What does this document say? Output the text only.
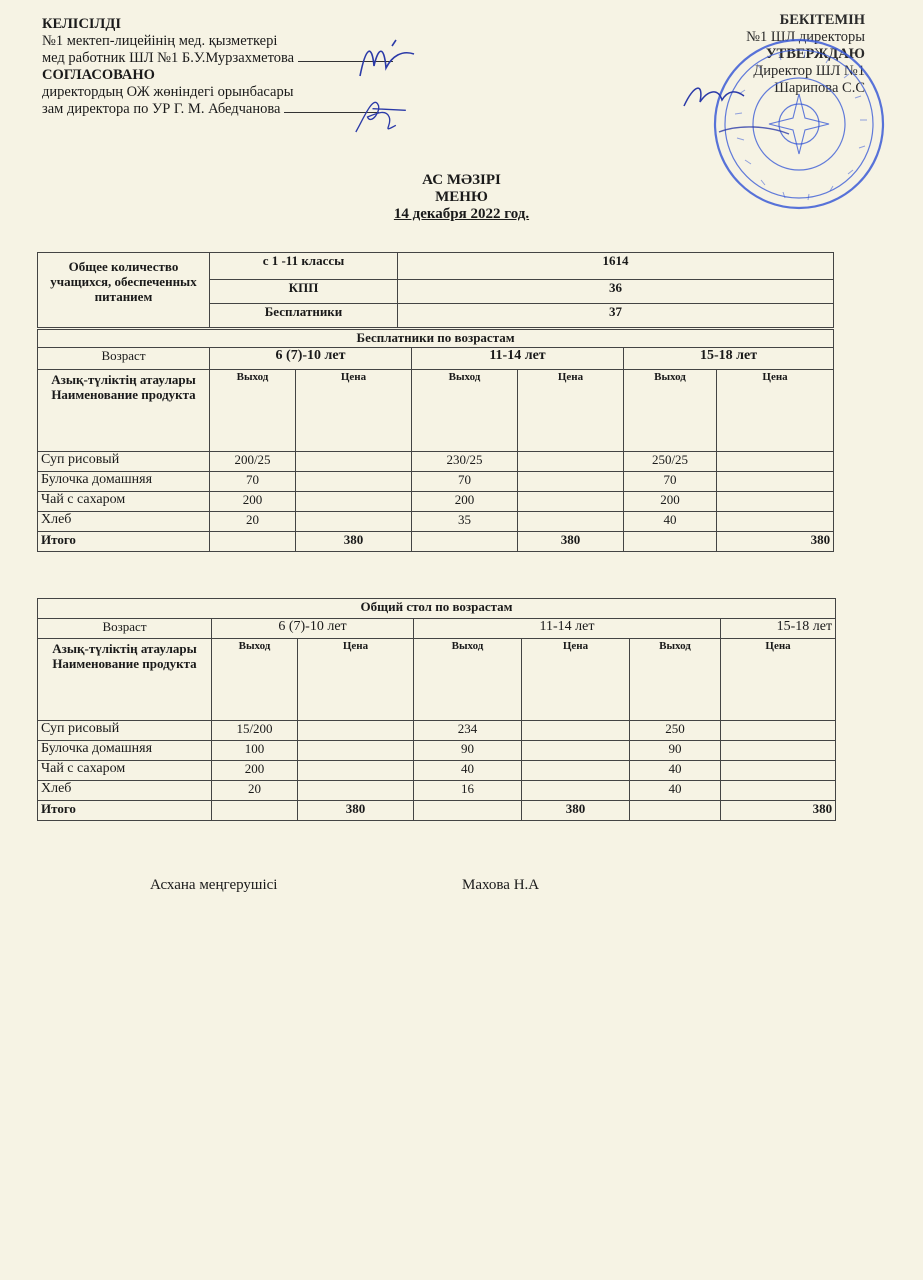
КЕЛІСІЛДІ
№1 мектеп-лицейінің мед. қызметкері
мед работник ШЛ №1 Б.У.Мурзахметова
СОГЛАСОВАНО
директордың ОЖ жөніндегі орынбасары
зам директора по УР Г. М. Абедчанова
БЕКІТЕМІН
№1 ШЛ директоры
УТВЕРЖДАЮ
Директор ШЛ №1
Шарипова С.С
АС МӘЗІРІ
МЕНЮ
14 декабря 2022 год.
Общее количество учащихся, обеспеченных питанием	с 1 -11 классы	1614
	КПП	36
	Бесплатники	37
Бесплатники по возрастам						
Возраст	6 (7)-10 лет		11-14 лет		15-18 лет	
Азық-түліктің атаулары Наименование продукта	Выход	Цена	Выход	Цена	Выход	Цена
Суп рисовый	200/25		230/25		250/25	
Булочка домашняя	70		70		70	
Чай с сахаром	200		200		200	
Хлеб	20		35		40	
Итого		380		380		380
Общий стол по возрастам						
Возраст	6 (7)-10 лет		11-14 лет			15-18 лет
Азық-түліктің атаулары Наименование продукта	Выход	Цена	Выход	Цена	Выход	Цена
Суп рисовый	15/200		234		250	
Булочка домашняя	100		90		90	
Чай с сахаром	200		40		40	
Хлеб	20		16		40	
Итого		380		380		380
Асхана меңгерушісі	Махова Н.А
